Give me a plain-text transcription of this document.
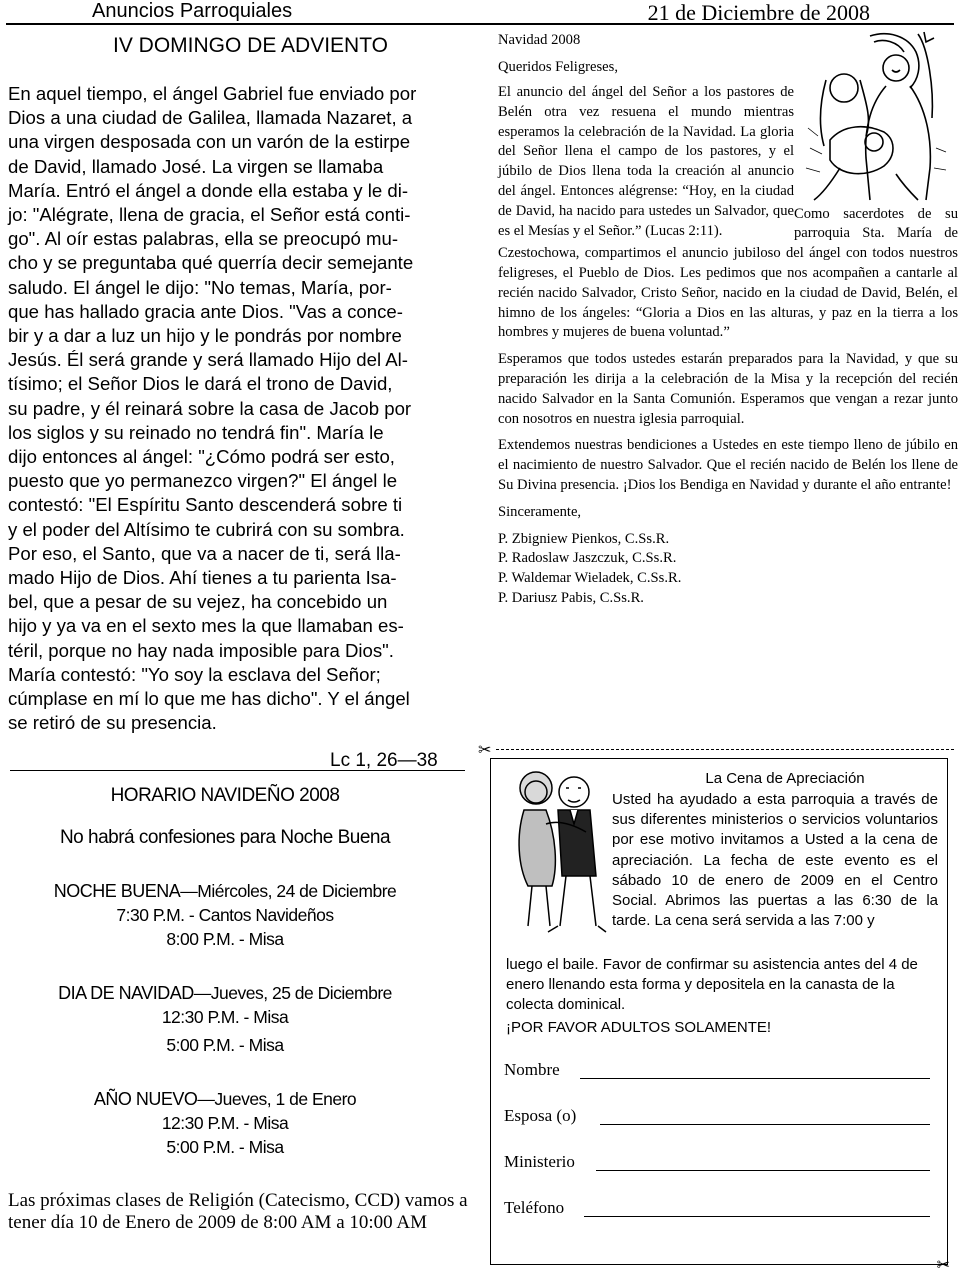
Anuncios Parroquiales	21 de Diciembre de 2008
IV DOMINGO DE ADVIENTO
En aquel tiempo, el ángel Gabriel fue enviado por
Dios a una ciudad de Galilea, llamada Nazaret, a
una virgen desposada con un varón de la estirpe
de David, llamado José. La virgen se llamaba
María. Entró el ángel a donde ella estaba y le di-
jo: "Alégrate, llena de gracia, el Señor está conti-
go". Al oír estas palabras, ella se preocupó mu-
cho y se preguntaba qué querría decir semejante
saludo. El ángel le dijo: "No temas, María, por-
que has hallado gracia ante Dios. "Vas a conce-
bir y a dar a luz un hijo y le pondrás por nombre
Jesús. Él será grande y será llamado Hijo del Al-
tísimo; el Señor Dios le dará el trono de David,
su padre, y él reinará sobre la casa de Jacob por
los siglos y su reinado no tendrá fin". María le
dijo entonces al ángel: "¿Cómo podrá ser esto,
puesto que yo permanezco virgen?" El ángel le
contestó: "El Espíritu Santo descenderá sobre ti
y el poder del Altísimo te cubrirá con su sombra.
Por eso, el Santo, que va a nacer de ti, será lla-
mado Hijo de Dios. Ahí tienes a tu parienta Isa-
bel, que a pesar de su vejez, ha concebido un
hijo y ya va en el sexto mes la que llamaban es-
téril, porque no hay nada imposible para Dios".
María contestó: "Yo soy la esclava del Señor;
cúmplase en mí lo que me has dicho". Y el ángel
se retiró de su presencia.
Lc 1, 26—38
HORARIO NAVIDEÑO 2008
No habrá confesiones para Noche Buena
NOCHE BUENA—Miércoles, 24 de Diciembre
7:30 P.M. - Cantos Navideños
8:00 P.M. - Misa
DIA DE NAVIDAD—Jueves, 25 de Diciembre
12:30 P.M. - Misa
5:00 P.M. - Misa
AÑO NUEVO—Jueves, 1 de Enero
12:30 P.M. - Misa
5:00 P.M. - Misa
Las próximas clases de Religión (Catecismo, CCD) vamos a tener día 10 de Enero de 2009 de 8:00 AM a 10:00 AM

Navidad 2008

Queridos Feligreses,

El anuncio del ángel del Señor a los pastores de Belén otra vez resuena el mundo mientras esperamos la celebración de la Navidad. La gloria del Señor llena el campo de los pastores, y el júbilo de Dios llena toda la creación al anuncio del ángel. Entonces alégrense: “Hoy, en la ciudad de David, ha nacido para ustedes un Salvador, que es el Mesías y el Señor.” (Lucas 2:11).

Como sacerdotes de su parroquia Sta. María de Czestochowa, compartimos el anuncio jubiloso del ángel con todos nuestros feligreses, el Pueblo de Dios. Les pedimos que nos acompañen a cantarle al recién nacido Salvador, Cristo Señor, nacido en la ciudad de David, Belén, el himno de los ángeles: “Gloria a Dios en las alturas, y paz en la tierra a los hombres y mujeres de buena voluntad.”

Esperamos que todos ustedes estarán preparados para la Navidad, y que su preparación les dirija a la celebración de la Misa y la recepción del recién nacido Salvador en la Santa Comunión. Esperamos que vengan a rezar junto con nosotros en nuestra iglesia parroquial.

Extendemos nuestras bendiciones a Ustedes en este tiempo lleno de júbilo en el nacimiento de nuestro Salvador. Que el recién nacido de Belén los llene de Su Divina presencia. ¡Dios los Bendiga en Navidad y durante el año entrante!

Sinceramente,

P. Zbigniew Pienkos, C.Ss.R.
P. Radoslaw Jaszczuk, C.Ss.R.
P. Waldemar Wieladek, C.Ss.R.
P. Dariusz Pabis, C.Ss.R.
✂
✂
La Cena de Apreciación
Usted ha ayudado a esta parroquia a través de sus diferentes ministerios o servicios voluntarios por ese motivo invitamos a Usted a la cena de apreciación. La fecha de este evento es el sábado 10 de enero de 2009 en el Centro Social. Abrimos las puertas a las 6:30 de la tarde. La cena será servida a las 7:00 y
luego el baile. Favor de confirmar su asistencia antes del 4 de enero llenando esta forma y depositela en la canasta de la colecta dominical.
¡POR FAVOR ADULTOS SOLAMENTE!
Nombre
Esposa (o)
Ministerio
Teléfono
